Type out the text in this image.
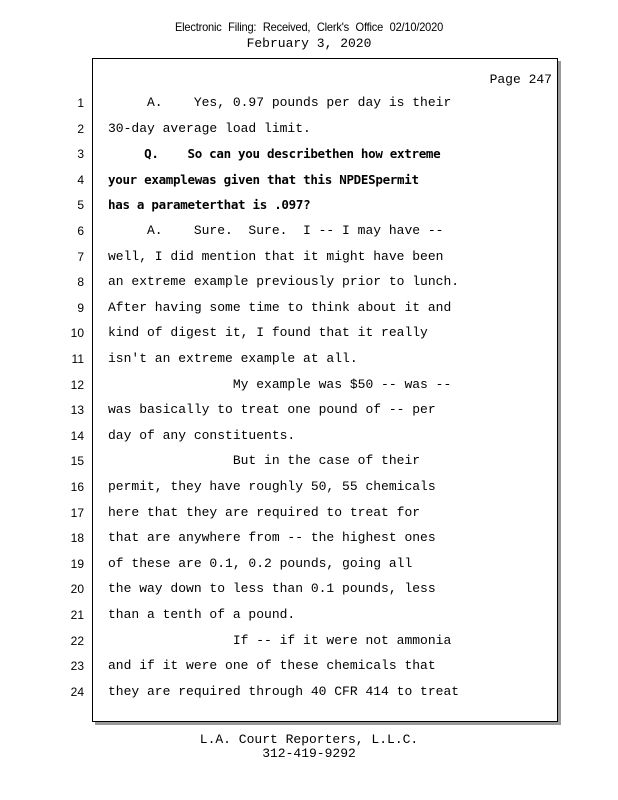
Electronic Filing: Received, Clerk's Office 02/10/2020
February 3, 2020
Page 247
1 A.    Yes, 0.97 pounds per day is their
2 30-day average load limit.
3 Q.    So can you describethen how extreme
4 your examplewas given that this NPDESpermit
5 has a parameterthat is .097?
6 A.    Sure.  Sure.  I -- I may have --
7 well, I did mention that it might have been
8 an extreme example previously prior to lunch.
9 After having some time to think about it and
10 kind of digest it, I found that it really
11 isn't an extreme example at all.
12 My example was $50 -- was --
13 was basically to treat one pound of -- per
14 day of any constituents.
15 But in the case of their
16 permit, they have roughly 50, 55 chemicals
17 here that they are required to treat for
18 that are anywhere from -- the highest ones
19 of these are 0.1, 0.2 pounds, going all
20 the way down to less than 0.1 pounds, less
21 than a tenth of a pound.
22 If -- if it were not ammonia
23 and if it were one of these chemicals that
24 they are required through 40 CFR 414 to treat
L.A. Court Reporters, L.L.C.
312-419-9292
